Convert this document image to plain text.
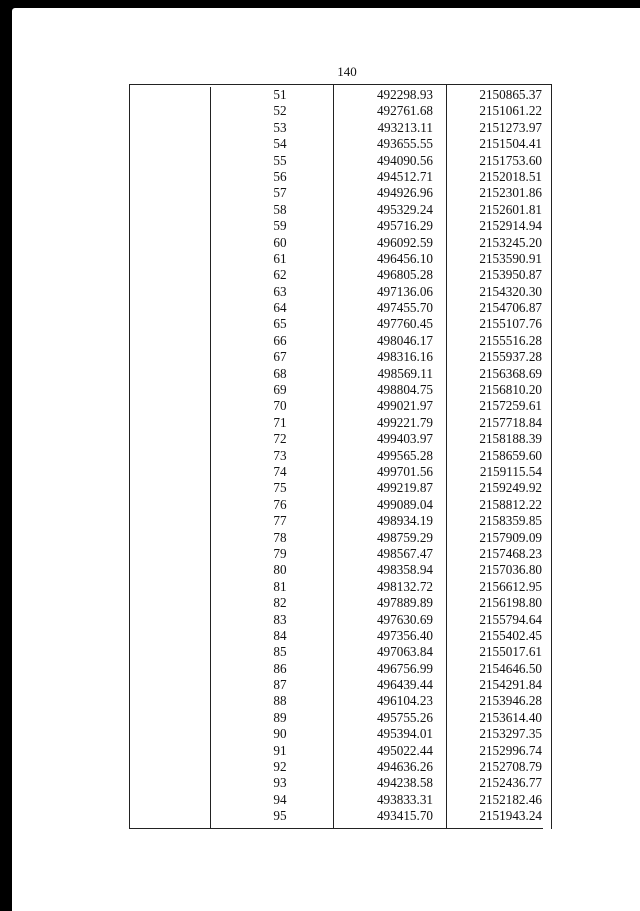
140
51	492298.93	2150865.37
52	492761.68	2151061.22
53	493213.11	2151273.97
54	493655.55	2151504.41
55	494090.56	2151753.60
56	494512.71	2152018.51
57	494926.96	2152301.86
58	495329.24	2152601.81
59	495716.29	2152914.94
60	496092.59	2153245.20
61	496456.10	2153590.91
62	496805.28	2153950.87
63	497136.06	2154320.30
64	497455.70	2154706.87
65	497760.45	2155107.76
66	498046.17	2155516.28
67	498316.16	2155937.28
68	498569.11	2156368.69
69	498804.75	2156810.20
70	499021.97	2157259.61
71	499221.79	2157718.84
72	499403.97	2158188.39
73	499565.28	2158659.60
74	499701.56	2159115.54
75	499219.87	2159249.92
76	499089.04	2158812.22
77	498934.19	2158359.85
78	498759.29	2157909.09
79	498567.47	2157468.23
80	498358.94	2157036.80
81	498132.72	2156612.95
82	497889.89	2156198.80
83	497630.69	2155794.64
84	497356.40	2155402.45
85	497063.84	2155017.61
86	496756.99	2154646.50
87	496439.44	2154291.84
88	496104.23	2153946.28
89	495755.26	2153614.40
90	495394.01	2153297.35
91	495022.44	2152996.74
92	494636.26	2152708.79
93	494238.58	2152436.77
94	493833.31	2152182.46
95	493415.70	2151943.24
